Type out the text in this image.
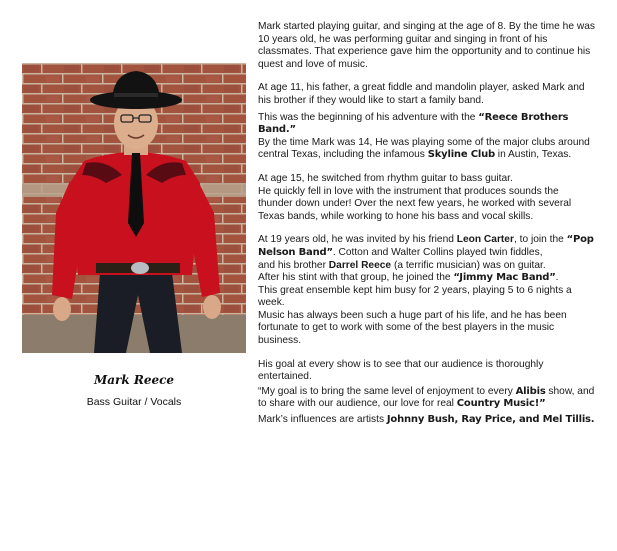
Mark Reece
Bass Guitar / Vocals

Mark started playing guitar, and singing at the age of 8. By the time he was 10 years old, he was performing guitar and singing in front of his classmates. That experience gave him the opportunity and to continue his quest and love of music.

At age 11, his father, a great fiddle and mandolin player, asked Mark and his brother if they would like to start a family band.

This was the beginning of his adventure with the “Reece Brothers Band.”

By the time Mark was 14, He was playing some of the major clubs around central Texas, including the infamous Skyline Club in Austin, Texas.

At age 15, he switched from rhythm guitar to bass guitar.
He quickly fell in love with the instrument that produces sounds the thunder down under! Over the next few years, he worked with several Texas bands, while working to hone his bass and vocal skills.

At 19 years old, he was invited by his friend Leon Carter, to join the “Pop Nelson Band”. Cotton and Walter Collins played twin fiddles,

and his brother Darrel Reece (a terrific musician) was on guitar.

After his stint with that group, he joined the “Jimmy Mac Band”.

This great ensemble kept him busy for 2 years, playing 5 to 6 nights a week.

Music has always been such a huge part of his life, and he has been fortunate to get to work with some of the best players in the music business.

His goal at every show is to see that our audience is thoroughly entertained.

“My goal is to bring the same level of enjoyment to every Alibis show, and to share with our audience, our love for real Country Music!”

Mark’s influences are artists Johnny Bush, Ray Price, and Mel Tillis.
